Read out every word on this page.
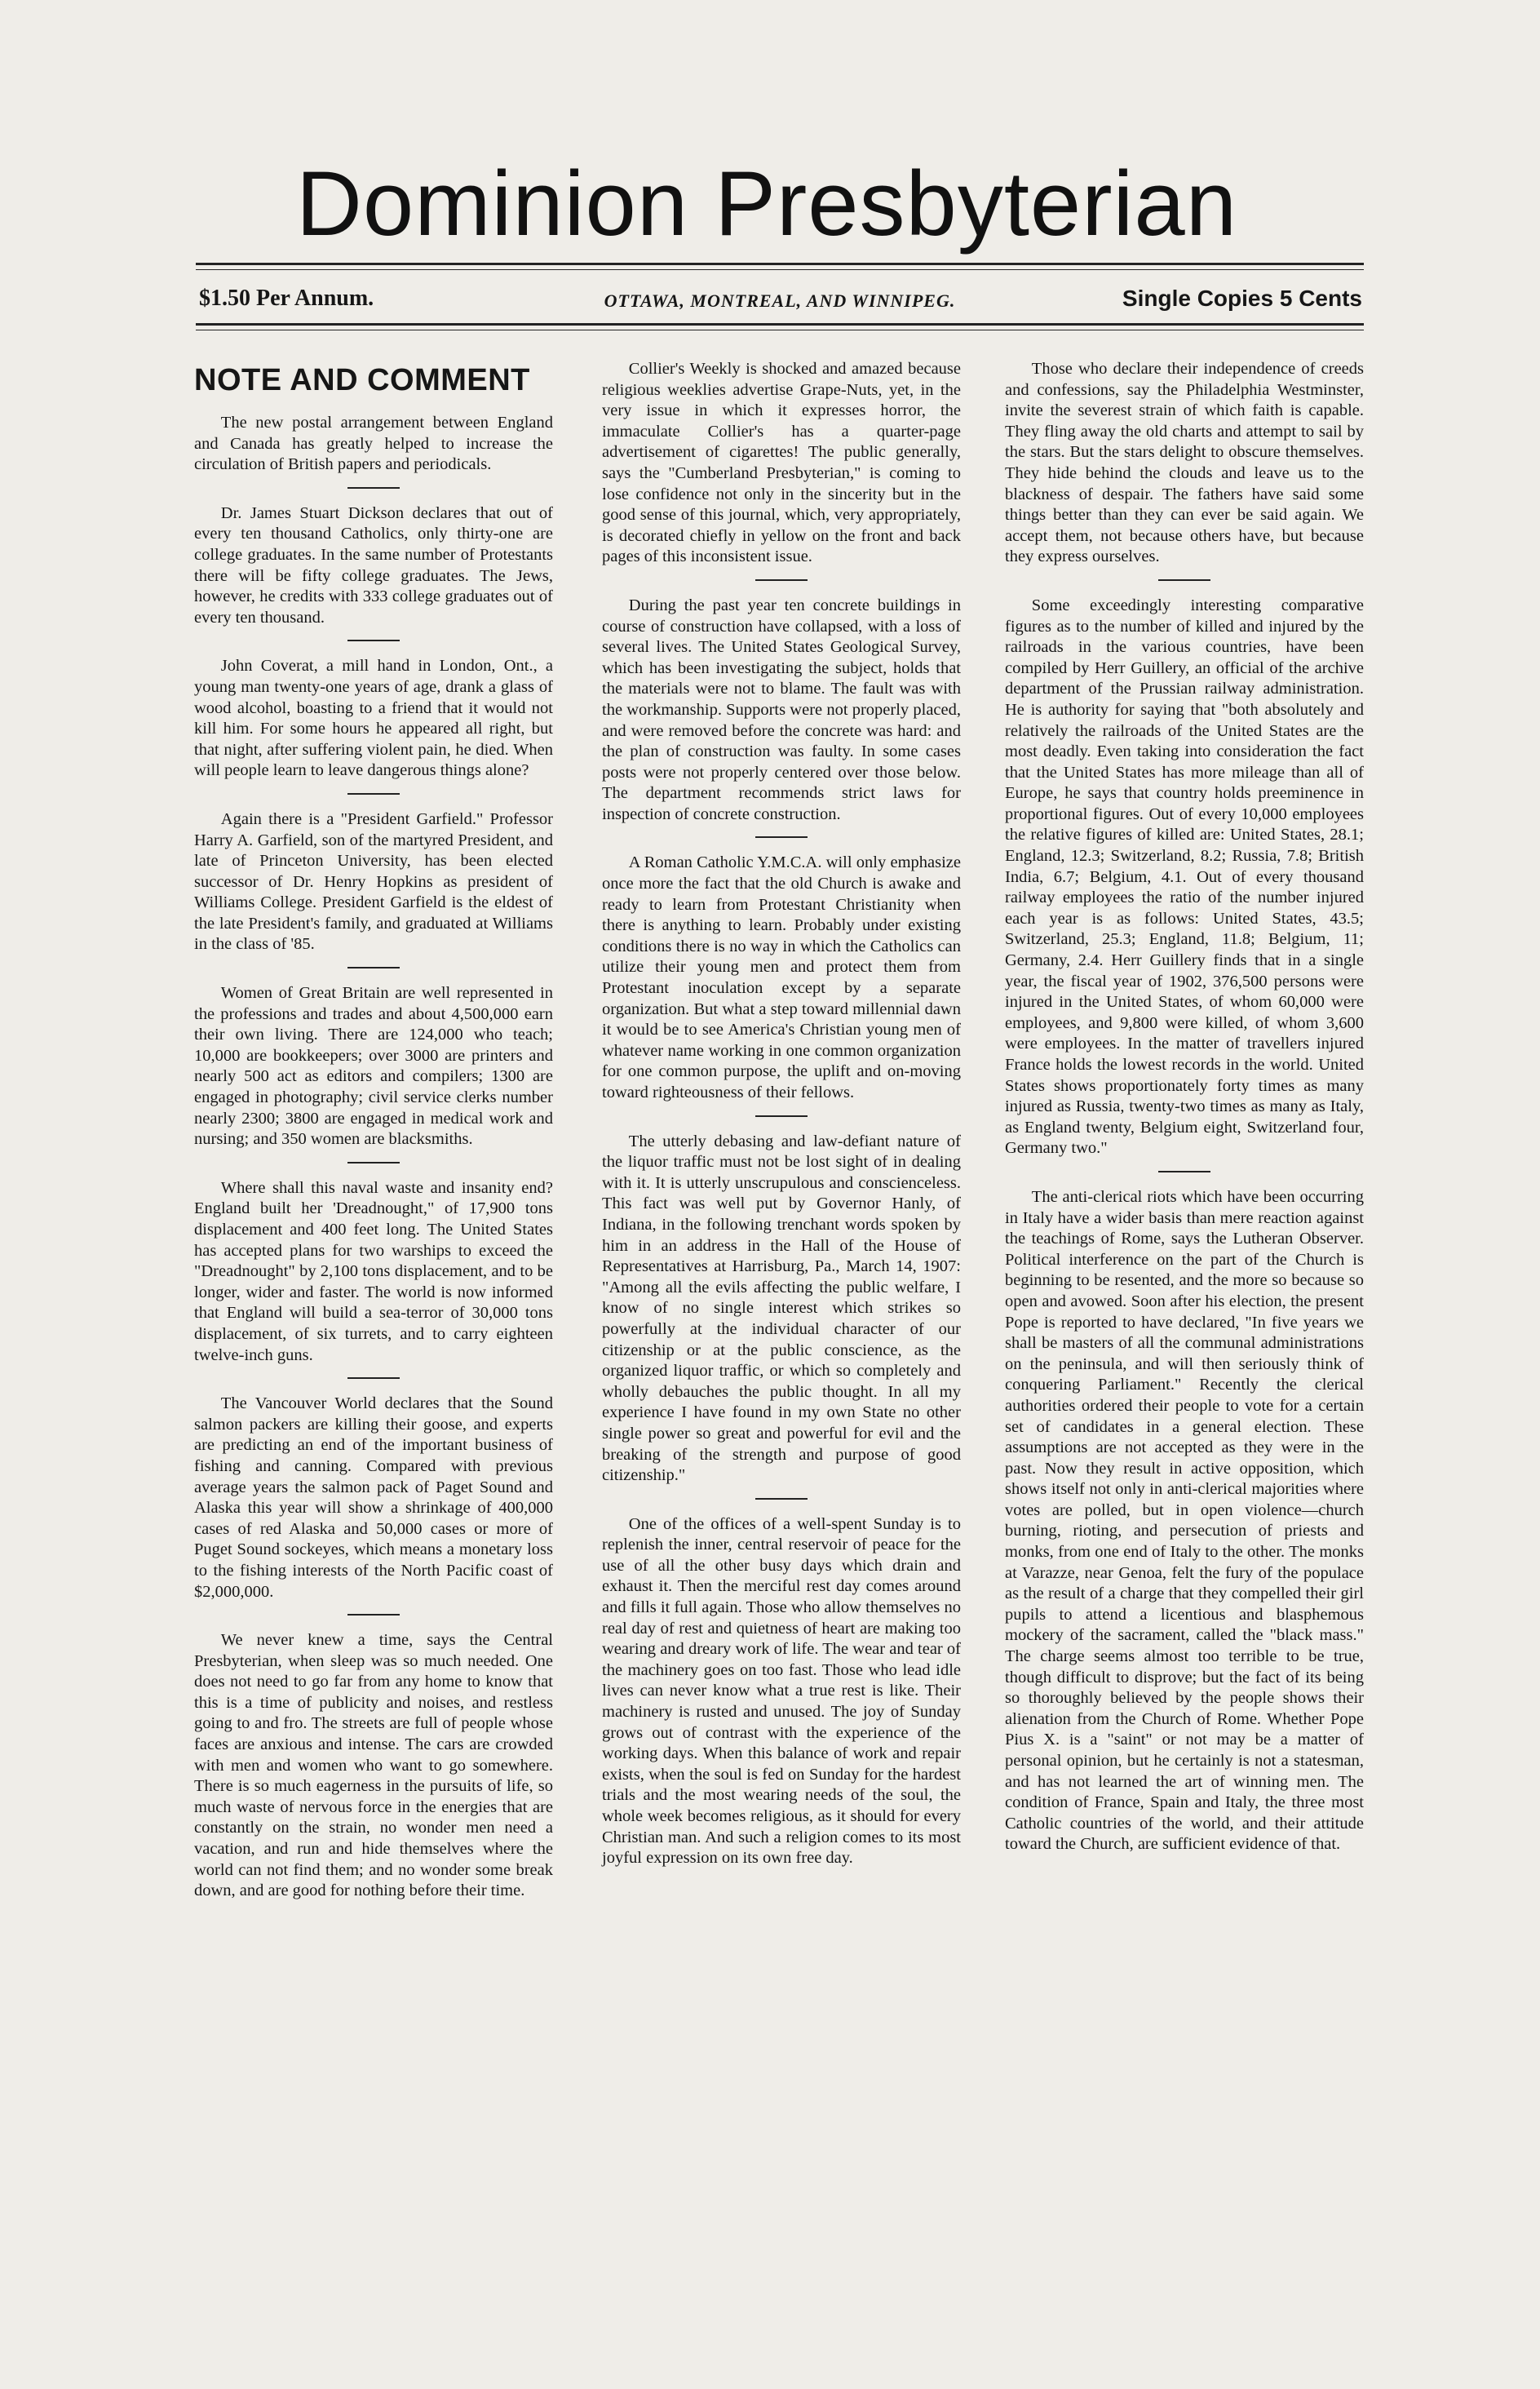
Dominion Presbyterian
$1.50 Per Annum.	OTTAWA, MONTREAL, AND WINNIPEG.	Single Copies 5 Cents
NOTE AND COMMENT

The new postal arrangement between England and Canada has greatly helped to increase the circulation of British papers and periodicals.

Dr. James Stuart Dickson declares that out of every ten thousand Catholics, only thirty-one are college graduates. In the same number of Protestants there will be fifty college graduates. The Jews, however, he credits with 333 college graduates out of every ten thousand.

John Coverat, a mill hand in London, Ont., a young man twenty-one years of age, drank a glass of wood alcohol, boasting to a friend that it would not kill him. For some hours he appeared all right, but that night, after suffering violent pain, he died. When will people learn to leave dangerous things alone?

Again there is a "President Garfield." Professor Harry A. Garfield, son of the martyred President, and late of Princeton University, has been elected successor of Dr. Henry Hopkins as president of Williams College. President Garfield is the eldest of the late President's family, and graduated at Williams in the class of '85.

Women of Great Britain are well represented in the professions and trades and about 4,500,000 earn their own living. There are 124,000 who teach; 10,000 are bookkeepers; over 3000 are printers and nearly 500 act as editors and compilers; 1300 are engaged in photography; civil service clerks number nearly 2300; 3800 are engaged in medical work and nursing; and 350 women are blacksmiths.

Where shall this naval waste and insanity end? England built her 'Dreadnought," of 17,900 tons displacement and 400 feet long. The United States has accepted plans for two warships to exceed the "Dreadnought" by 2,100 tons displacement, and to be longer, wider and faster. The world is now informed that England will build a sea-terror of 30,000 tons displacement, of six turrets, and to carry eighteen twelve-inch guns.

The Vancouver World declares that the Sound salmon packers are killing their goose, and experts are predicting an end of the important business of fishing and canning. Compared with previous average years the salmon pack of Paget Sound and Alaska this year will show a shrinkage of 400,000 cases of red Alaska and 50,000 cases or more of Puget Sound sockeyes, which means a monetary loss to the fishing interests of the North Pacific coast of $2,000,000.

We never knew a time, says the Central Presbyterian, when sleep was so much needed. One does not need to go far from any home to know that this is a time of publicity and noises, and restless going to and fro. The streets are full of people whose faces are anxious and intense. The cars are crowded with men and women who want to go somewhere. There is so much eagerness in the pursuits of life, so much waste of nervous force in the energies that are constantly on the strain, no wonder men need a vacation, and run and hide themselves where the world can not find them; and no wonder some break down, and are good for nothing before their time.

Collier's Weekly is shocked and amazed because religious weeklies advertise Grape-Nuts, yet, in the very issue in which it expresses horror, the immaculate Collier's has a quarter-page advertisement of cigarettes! The public generally, says the "Cumberland Presbyterian," is coming to lose confidence not only in the sincerity but in the good sense of this journal, which, very appropriately, is decorated chiefly in yellow on the front and back pages of this inconsistent issue.

During the past year ten concrete buildings in course of construction have collapsed, with a loss of several lives. The United States Geological Survey, which has been investigating the subject, holds that the materials were not to blame. The fault was with the workmanship. Supports were not properly placed, and were removed before the concrete was hard: and the plan of construction was faulty. In some cases posts were not properly centered over those below. The department recommends strict laws for inspection of concrete construction.

A Roman Catholic Y.M.C.A. will only emphasize once more the fact that the old Church is awake and ready to learn from Protestant Christianity when there is anything to learn. Probably under existing conditions there is no way in which the Catholics can utilize their young men and protect them from Protestant inoculation except by a separate organization. But what a step toward millennial dawn it would be to see America's Christian young men of whatever name working in one common organization for one common purpose, the uplift and on-moving toward righteousness of their fellows.

The utterly debasing and law-defiant nature of the liquor traffic must not be lost sight of in dealing with it. It is utterly unscrupulous and conscienceless. This fact was well put by Governor Hanly, of Indiana, in the following trenchant words spoken by him in an address in the Hall of the House of Representatives at Harrisburg, Pa., March 14, 1907: "Among all the evils affecting the public welfare, I know of no single interest which strikes so powerfully at the individual character of our citizenship or at the public conscience, as the organized liquor traffic, or which so completely and wholly debauches the public thought. In all my experience I have found in my own State no other single power so great and powerful for evil and the breaking of the strength and purpose of good citizenship."

One of the offices of a well-spent Sunday is to replenish the inner, central reservoir of peace for the use of all the other busy days which drain and exhaust it. Then the merciful rest day comes around and fills it full again. Those who allow themselves no real day of rest and quietness of heart are making too wearing and dreary work of life. The wear and tear of the machinery goes on too fast. Those who lead idle lives can never know what a true rest is like. Their machinery is rusted and unused. The joy of Sunday grows out of contrast with the experience of the working days. When this balance of work and repair exists, when the soul is fed on Sunday for the hardest trials and the most wearing needs of the soul, the whole week becomes religious, as it should for every Christian man. And such a religion comes to its most joyful expression on its own free day.

Those who declare their independence of creeds and confessions, say the Philadelphia Westminster, invite the severest strain of which faith is capable. They fling away the old charts and attempt to sail by the stars. But the stars delight to obscure themselves. They hide behind the clouds and leave us to the blackness of despair. The fathers have said some things better than they can ever be said again. We accept them, not because others have, but because they express ourselves.

Some exceedingly interesting comparative figures as to the number of killed and injured by the railroads in the various countries, have been compiled by Herr Guillery, an official of the archive department of the Prussian railway administration. He is authority for saying that "both absolutely and relatively the railroads of the United States are the most deadly. Even taking into consideration the fact that the United States has more mileage than all of Europe, he says that country holds preeminence in proportional figures. Out of every 10,000 employees the relative figures of killed are: United States, 28.1; England, 12.3; Switzerland, 8.2; Russia, 7.8; British India, 6.7; Belgium, 4.1. Out of every thousand railway employees the ratio of the number injured each year is as follows: United States, 43.5; Switzerland, 25.3; England, 11.8; Belgium, 11; Germany, 2.4. Herr Guillery finds that in a single year, the fiscal year of 1902, 376,500 persons were injured in the United States, of whom 60,000 were employees, and 9,800 were killed, of whom 3,600 were employees. In the matter of travellers injured France holds the lowest records in the world. United States shows proportionately forty times as many injured as Russia, twenty-two times as many as Italy, as England twenty, Belgium eight, Switzerland four, Germany two."

The anti-clerical riots which have been occurring in Italy have a wider basis than mere reaction against the teachings of Rome, says the Lutheran Observer. Political interference on the part of the Church is beginning to be resented, and the more so because so open and avowed. Soon after his election, the present Pope is reported to have declared, "In five years we shall be masters of all the communal administrations on the peninsula, and will then seriously think of conquering Parliament." Recently the clerical authorities ordered their people to vote for a certain set of candidates in a general election. These assumptions are not accepted as they were in the past. Now they result in active opposition, which shows itself not only in anti-clerical majorities where votes are polled, but in open violence—church burning, rioting, and persecution of priests and monks, from one end of Italy to the other. The monks at Varazze, near Genoa, felt the fury of the populace as the result of a charge that they compelled their girl pupils to attend a licentious and blasphemous mockery of the sacrament, called the "black mass." The charge seems almost too terrible to be true, though difficult to disprove; but the fact of its being so thoroughly believed by the people shows their alienation from the Church of Rome. Whether Pope Pius X. is a "saint" or not may be a matter of personal opinion, but he certainly is not a statesman, and has not learned the art of winning men. The condition of France, Spain and Italy, the three most Catholic countries of the world, and their attitude toward the Church, are sufficient evidence of that.
